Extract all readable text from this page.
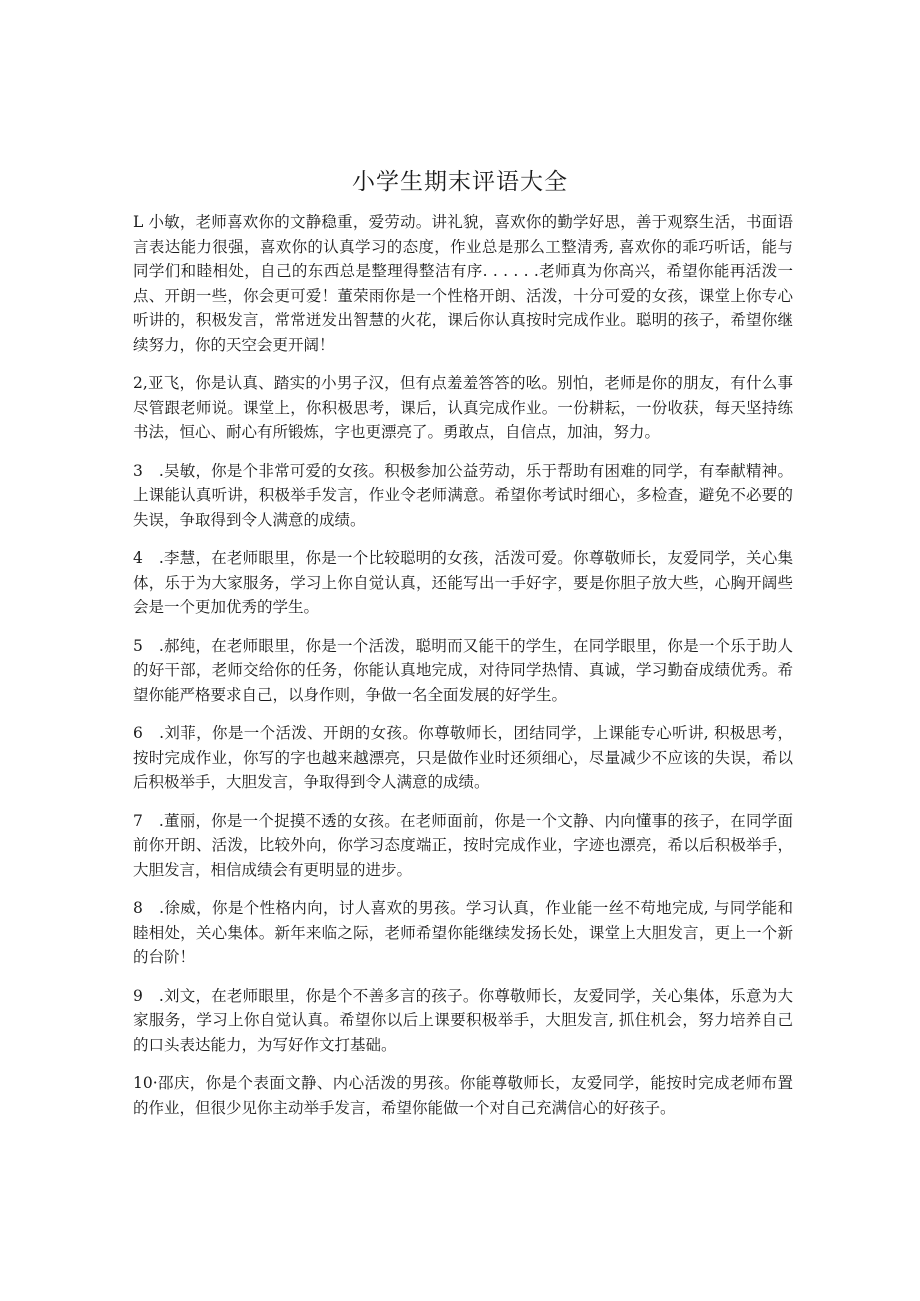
小学生期末评语大全

L 小敏，老师喜欢你的文静稳重，爱劳动。讲礼貌，喜欢你的勤学好思，善于观察生活，书面语言表达能力很强，喜欢你的认真学习的态度，作业总是那么工整清秀, 喜欢你的乖巧听话，能与同学们和睦相处，自己的东西总是整理得整洁有序. . . . . .老师真为你高兴，希望你能再活泼一点、开朗一些，你会更可爱！董荣雨你是一个性格开朗、活泼，十分可爱的女孩，课堂上你专心听讲的，积极发言，常常迸发出智慧的火花，课后你认真按时完成作业。聪明的孩子，希望你继续努力，你的天空会更开阔！

2,亚飞，你是认真、踏实的小男子汉，但有点羞羞答答的吆。别怕，老师是你的朋友，有什么事尽管跟老师说。课堂上，你积极思考，课后，认真完成作业。一份耕耘，一份收获，每天坚持练书法，恒心、耐心有所锻炼，字也更漂亮了。勇敢点，自信点，加油，努力。

3　.吴敏，你是个非常可爱的女孩。积极参加公益劳动，乐于帮助有困难的同学，有奉献精神。上课能认真听讲，积极举手发言，作业令老师满意。希望你考试时细心，多检查，避免不必要的失误，争取得到令人满意的成绩。

4　.李慧，在老师眼里，你是一个比较聪明的女孩，活泼可爱。你尊敬师长，友爱同学，关心集体，乐于为大家服务，学习上你自觉认真，还能写出一手好字，要是你胆子放大些，心胸开阔些会是一个更加优秀的学生。

5　.郝纯，在老师眼里，你是一个活泼，聪明而又能干的学生，在同学眼里，你是一个乐于助人的好干部，老师交给你的任务，你能认真地完成，对待同学热情、真诚，学习勤奋成绩优秀。希望你能严格要求自己，以身作则，争做一名全面发展的好学生。

6　.刘菲，你是一个活泼、开朗的女孩。你尊敬师长，团结同学，上课能专心听讲, 积极思考，按时完成作业，你写的字也越来越漂亮，只是做作业时还须细心，尽量减少不应该的失误，希以后积极举手，大胆发言，争取得到令人满意的成绩。

7　.董丽，你是一个捉摸不透的女孩。在老师面前，你是一个文静、内向懂事的孩子，在同学面前你开朗、活泼，比较外向，你学习态度端正，按时完成作业，字迹也漂亮，希以后积极举手，大胆发言，相信成绩会有更明显的进步。

8　.徐威，你是个性格内向，讨人喜欢的男孩。学习认真，作业能一丝不苟地完成, 与同学能和睦相处，关心集体。新年来临之际，老师希望你能继续发扬长处，课堂上大胆发言，更上一个新的台阶！

9　.刘文，在老师眼里，你是个不善多言的孩子。你尊敬师长，友爱同学，关心集体，乐意为大家服务，学习上你自觉认真。希望你以后上课要积极举手，大胆发言, 抓住机会，努力培养自己的口头表达能力，为写好作文打基础。

10·邵庆，你是个表面文静、内心活泼的男孩。你能尊敬师长，友爱同学，能按时完成老师布置的作业，但很少见你主动举手发言，希望你能做一个对自己充满信心的好孩子。
